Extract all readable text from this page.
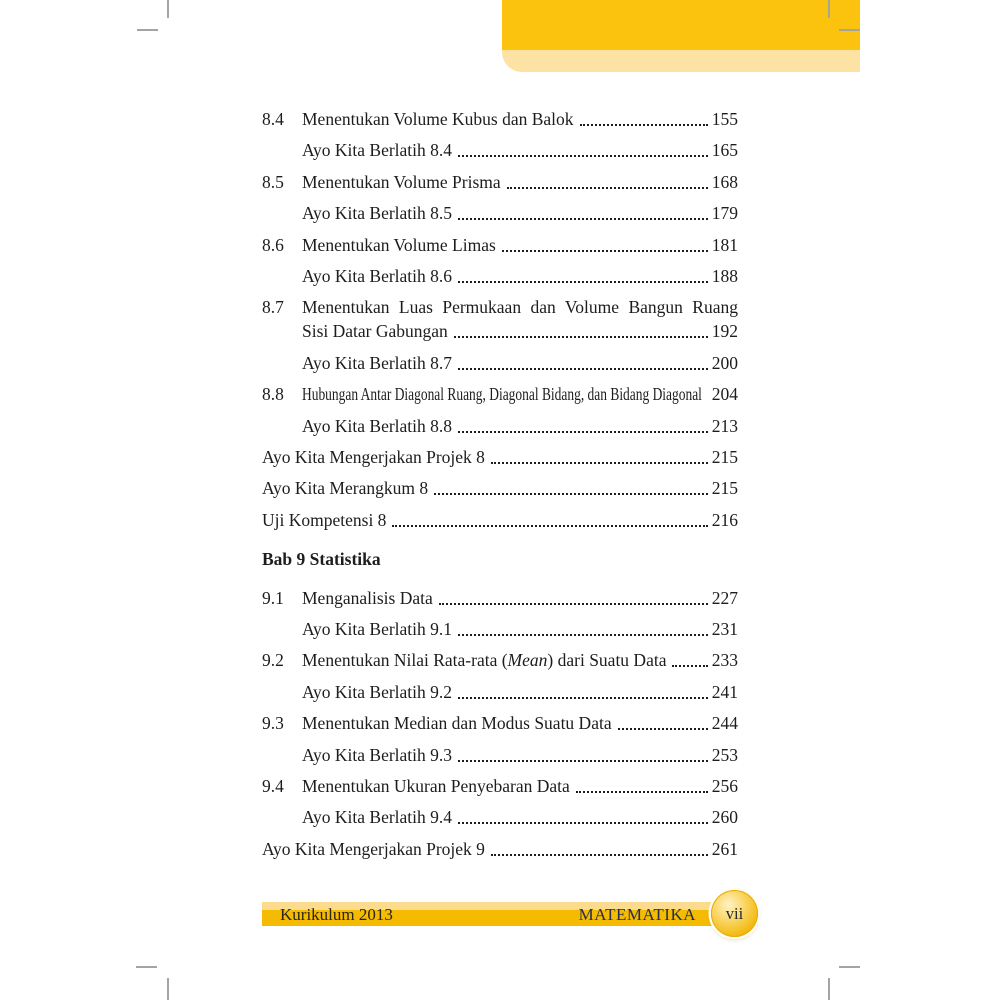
8.4	Menentukan Volume Kubus dan Balok	155
Ayo Kita Berlatih 8.4	165
8.5	Menentukan Volume Prisma	168
Ayo Kita Berlatih 8.5	179
8.6	Menentukan Volume Limas	181
Ayo Kita Berlatih 8.6	188
8.7	Menentukan Luas Permukaan dan Volume Bangun Ruang
Sisi Datar Gabungan	192
Ayo Kita Berlatih 8.7	200
8.8	Hubungan Antar Diagonal Ruang, Diagonal Bidang, dan Bidang Diagonal 204
Ayo Kita Berlatih 8.8	213
Ayo Kita Mengerjakan Projek 8	215
Ayo Kita Merangkum 8	215
Uji Kompetensi 8	216
Bab 9 Statistika
9.1	Menganalisis Data	227
Ayo Kita Berlatih 9.1	231
9.2	Menentukan Nilai Rata-rata (Mean) dari Suatu Data	233
Ayo Kita Berlatih 9.2	241
9.3	Menentukan Median dan Modus Suatu Data	244
Ayo Kita Berlatih 9.3	253
9.4	Menentukan Ukuran Penyebaran Data	256
Ayo Kita Berlatih 9.4	260
Ayo Kita Mengerjakan Projek 9	261
Kurikulum 2013	MATEMATIKA vii
